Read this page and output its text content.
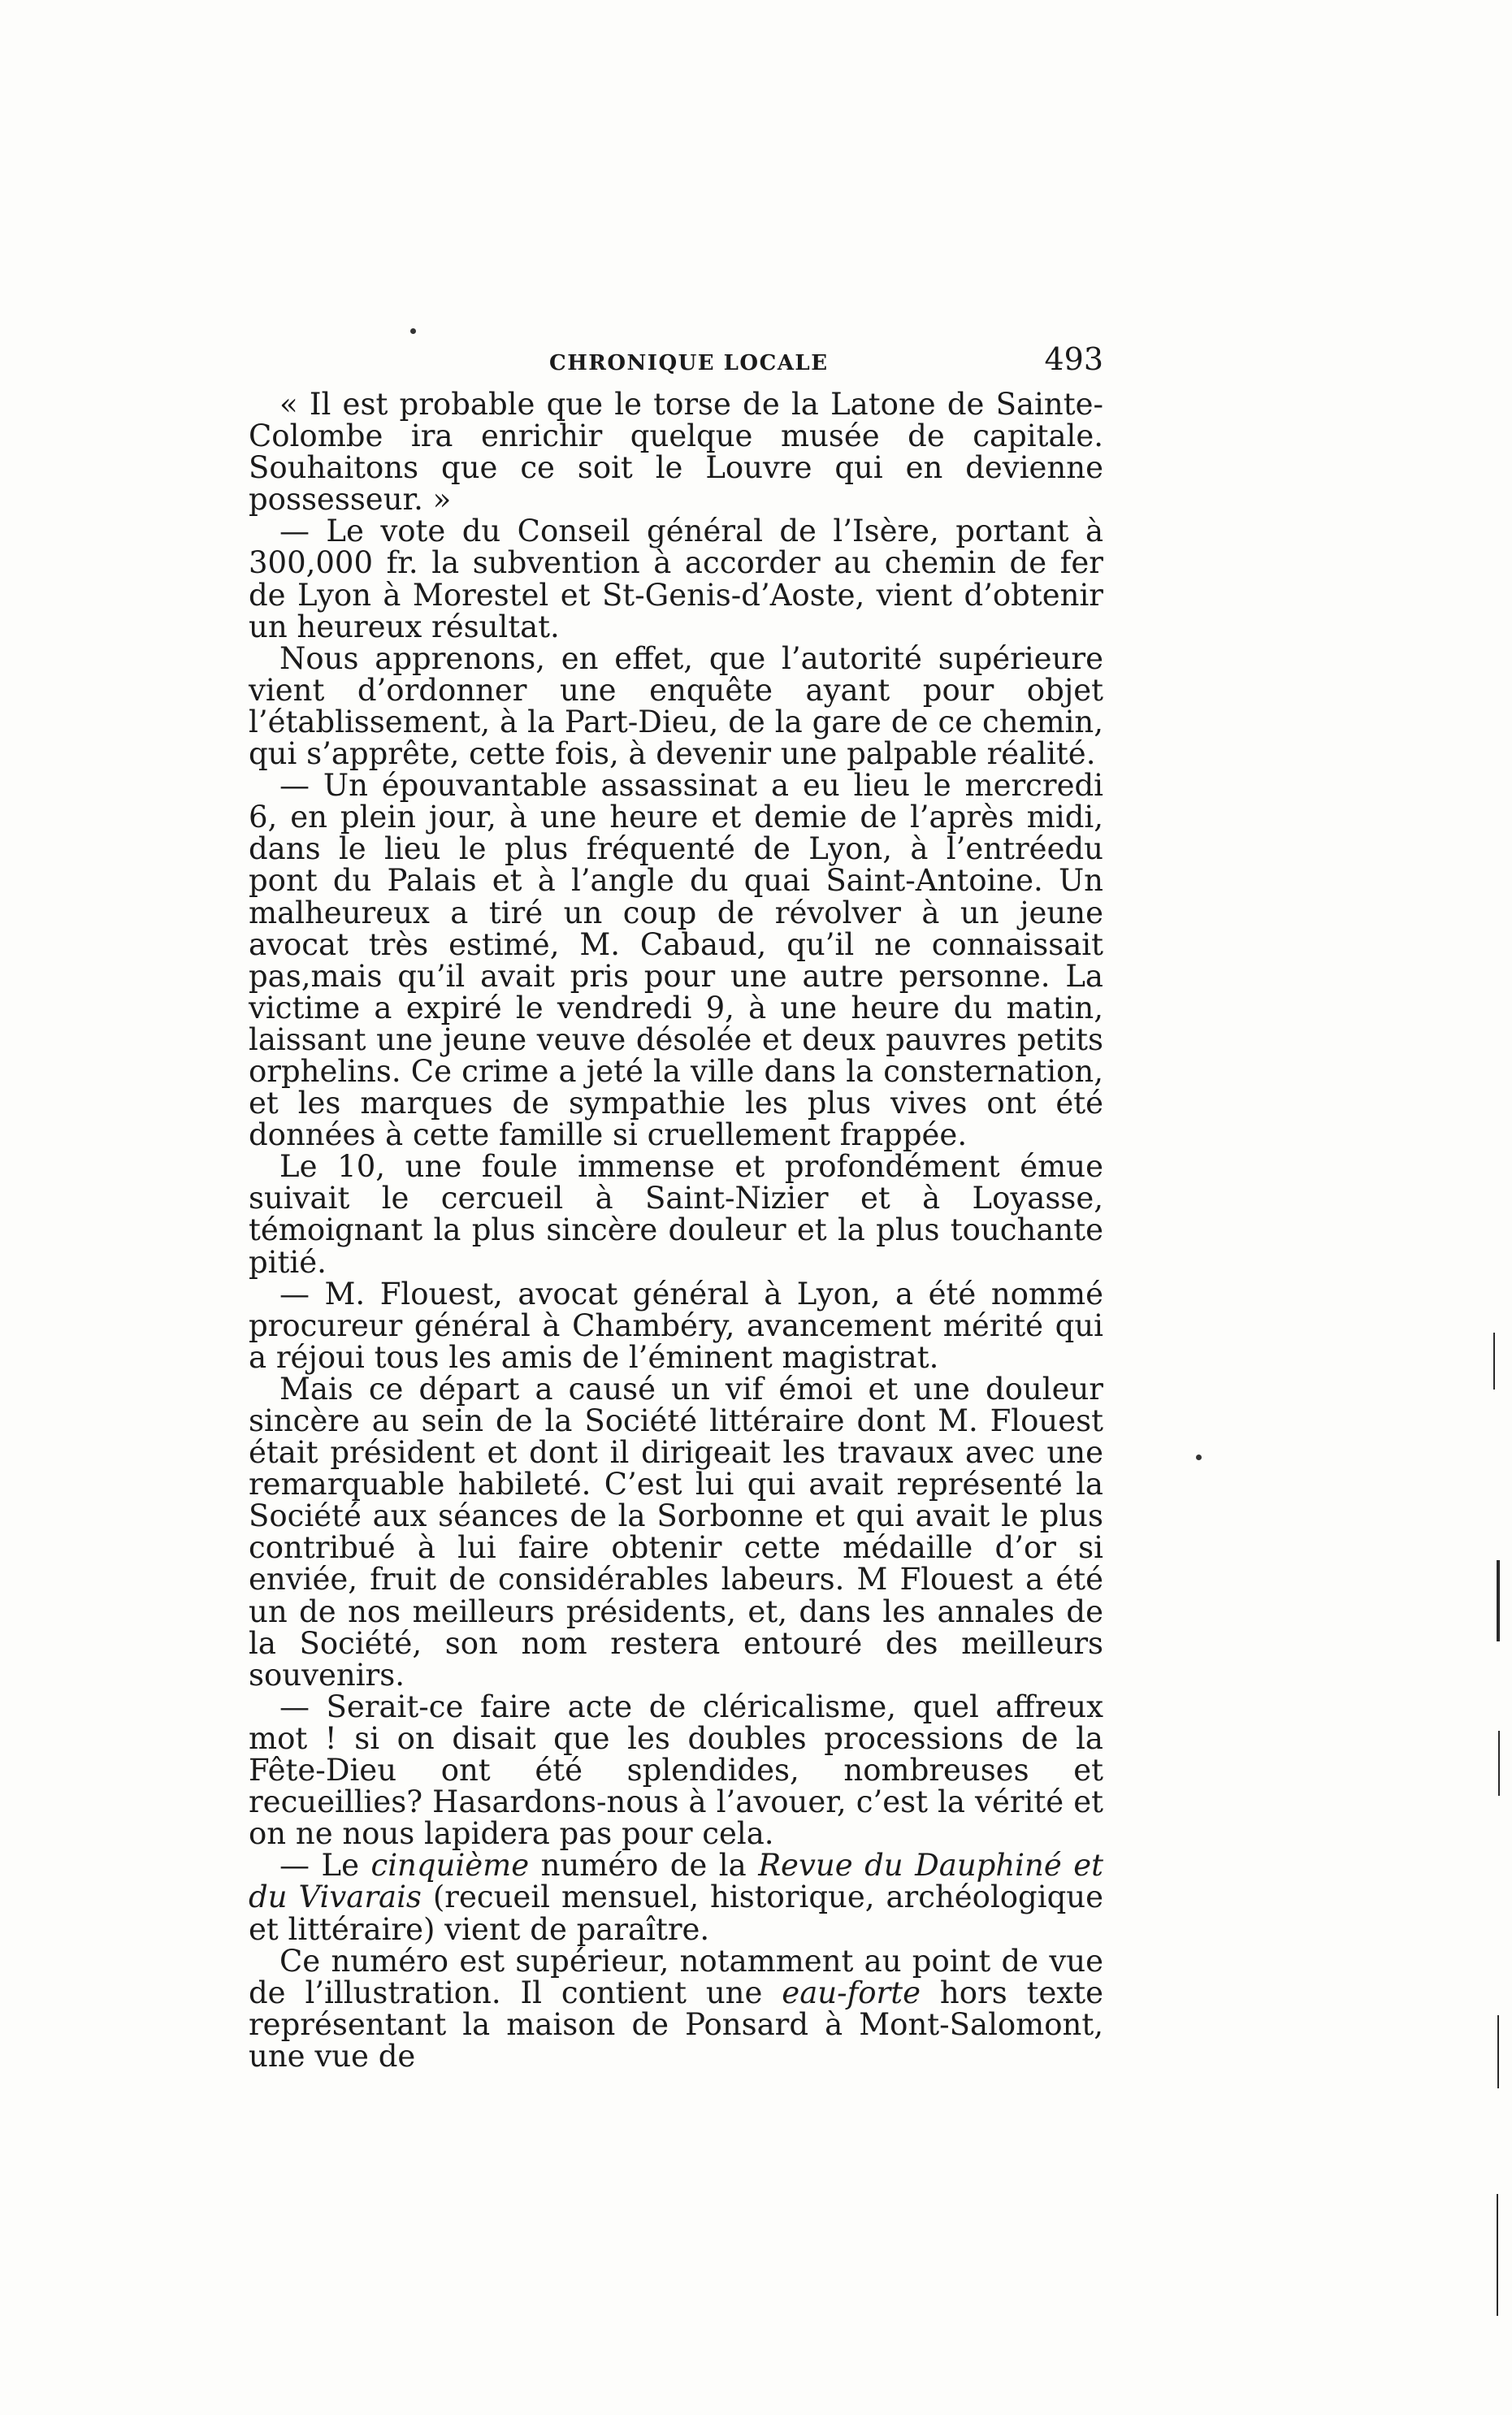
CHRONIQUE LOCALE	493

« Il est probable que le torse de la Latone de Sainte-Colombe ira enrichir quelque musée de capitale. Souhaitons que ce soit le Louvre qui en devienne possesseur. »

— Le vote du Conseil général de l’Isère, portant à 300,000 fr. la subvention à accorder au chemin de fer de Lyon à Morestel et St-Genis-d’Aoste, vient d’obtenir un heureux résultat.

Nous apprenons, en effet, que l’autorité supérieure vient d’ordonner une enquête ayant pour objet l’établissement, à la Part-Dieu, de la gare de ce chemin, qui s’apprête, cette fois, à devenir une palpable réalité.

— Un épouvantable assassinat a eu lieu le mercredi 6, en plein jour, à une heure et demie de l’après midi, dans le lieu le plus fréquenté de Lyon, à l’entréedu pont du Palais et à l’angle du quai Saint-Antoine. Un malheureux a tiré un coup de révolver à un jeune avocat très estimé, M. Cabaud, qu’il ne connaissait pas,mais qu’il avait pris pour une autre personne. La victime a expiré le vendredi 9, à une heure du matin, laissant une jeune veuve désolée et deux pauvres petits orphelins. Ce crime a jeté la ville dans la consternation, et les marques de sympathie les plus vives ont été données à cette famille si cruellement frappée.

Le 10, une foule immense et profondément émue suivait le cercueil à Saint-Nizier et à Loyasse, témoignant la plus sincère douleur et la plus touchante pitié.

— M. Flouest, avocat général à Lyon, a été nommé procureur général à Chambéry, avancement mérité qui a réjoui tous les amis de l’éminent magistrat.

Mais ce départ a causé un vif émoi et une douleur sincère au sein de la Société littéraire dont M. Flouest était président et dont il dirigeait les travaux avec une remarquable habileté. C’est lui qui avait représenté la Société aux séances de la Sorbonne et qui avait le plus contribué à lui faire obtenir cette médaille d’or si enviée, fruit de considérables labeurs. M Flouest a été un de nos meilleurs présidents, et, dans les annales de la Société, son nom restera entouré des meilleurs souvenirs.

— Serait-ce faire acte de cléricalisme, quel affreux mot ! si on disait que les doubles processions de la Fête-Dieu ont été splendides, nombreuses et recueillies? Hasardons-nous à l’avouer, c’est la vérité et on ne nous lapidera pas pour cela.

— Le cinquième numéro de la Revue du Dauphiné et du Vivarais (recueil mensuel, historique, archéologique et littéraire) vient de paraître.

Ce numéro est supérieur, notamment au point de vue de l’illustration. Il contient une eau-forte hors texte représentant la maison de Ponsard à Mont-Salomont, une vue de
